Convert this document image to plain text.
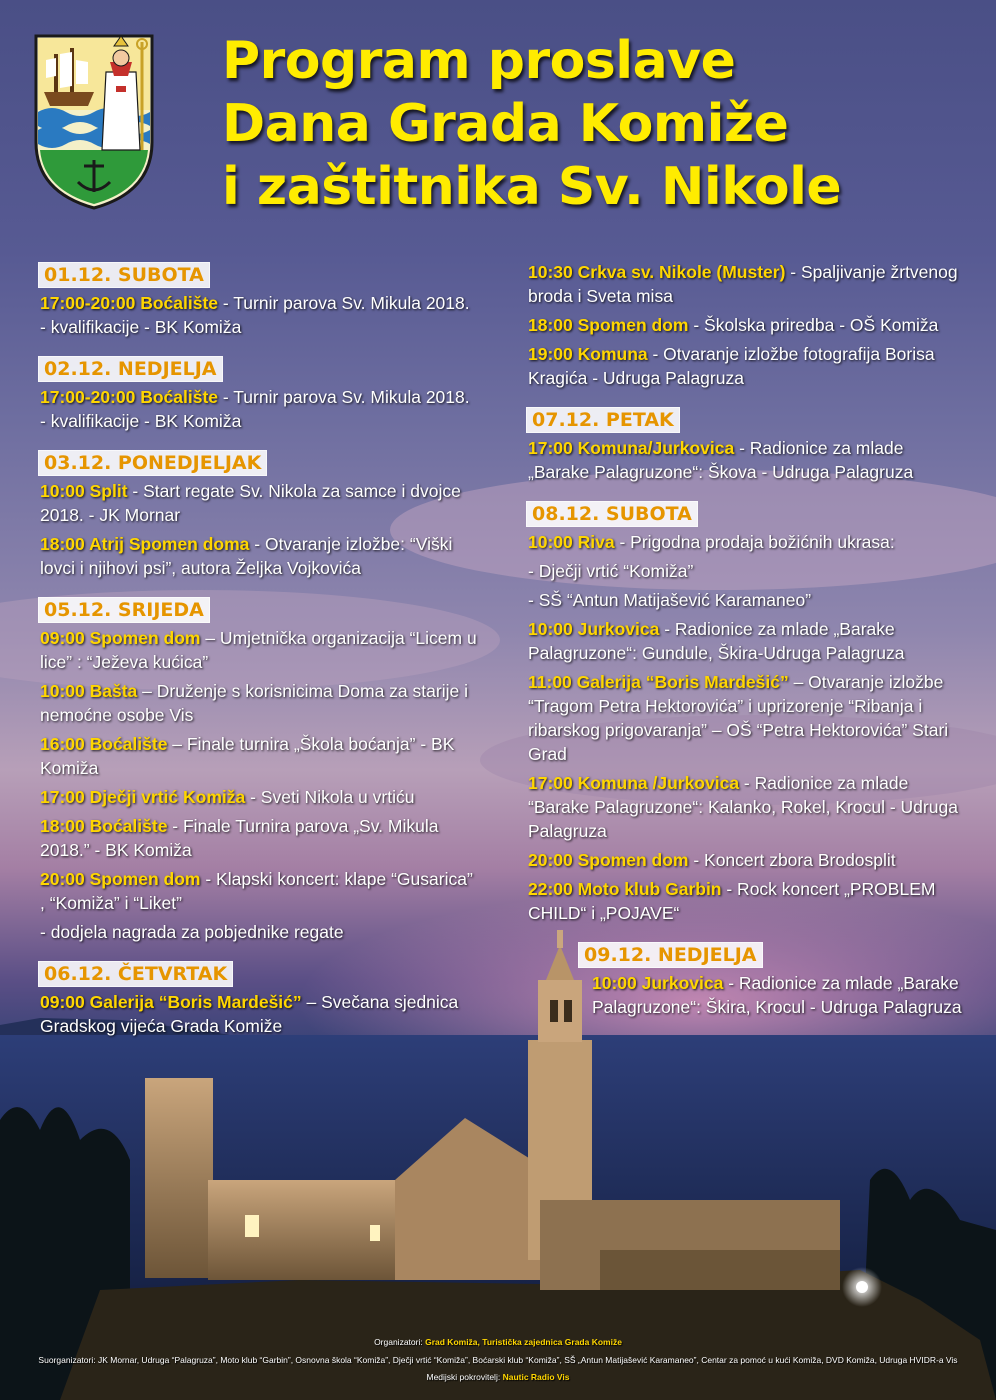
Program proslave
Dana Grada Komiže
i zaštitnika Sv. Nikole
01.12. SUBOTA
17:00-20:00 Boćalište - Turnir parova Sv. Mikula 2018. - kvalifikacije - BK Komiža
02.12. NEDJELJA
17:00-20:00 Boćalište - Turnir parova Sv. Mikula 2018. - kvalifikacije - BK Komiža
03.12. PONEDJELJAK
10:00 Split - Start regate Sv. Nikola za samce i dvojce 2018. - JK Mornar
18:00 Atrij Spomen doma - Otvaranje izložbe: “Viški lovci i njihovi psi”, autora Željka Vojkovića
05.12. SRIJEDA
09:00 Spomen dom – Umjetnička organizacija “Licem u lice” : “Ježeva kućica”
10:00 Bašta – Druženje s korisnicima Doma za starije i nemoćne osobe Vis
16:00 Boćalište – Finale turnira „Škola boćanja” - BK Komiža
17:00 Dječji vrtić Komiža - Sveti Nikola u vrtiću
18:00 Boćalište - Finale Turnira parova „Sv. Mikula 2018.” - BK Komiža
20:00 Spomen dom - Klapski koncert: klape “Gusarica” , “Komiža” i “Liket”
- dodjela nagrada za pobjednike regate
06.12. ČETVRTAK
09:00 Galerija “Boris Mardešić” – Svečana sjednica Gradskog vijeća Grada Komiže
10:30 Crkva sv. Nikole (Muster) - Spaljivanje žrtvenog broda i Sveta misa
18:00 Spomen dom - Školska priredba - OŠ Komiža
19:00 Komuna - Otvaranje izložbe fotografija Borisa Kragića - Udruga Palagruza
07.12. PETAK
17:00 Komuna/Jurkovica - Radionice za mlade „Barake Palagruzone“: Škova - Udruga Palagruza
08.12. SUBOTA
10:00 Riva - Prigodna prodaja božićnih ukrasa:
- Dječji vrtić “Komiža”
- SŠ “Antun Matijašević Karamaneo”
10:00 Jurkovica - Radionice za mlade „Barake Palagruzone“: Gundule, Škira-Udruga Palagruza
11:00 Galerija “Boris Mardešić” – Otvaranje izložbe “Tragom Petra Hektorovića” i uprizorenje “Ribanja i ribarskog prigovaranja” – OŠ “Petra Hektorovića” Stari Grad
17:00 Komuna /Jurkovica - Radionice za mlade “Barake Palagruzone“: Kalanko, Rokel, Krocul - Udruga Palagruza
20:00 Spomen dom - Koncert zbora Brodosplit
22:00 Moto klub Garbin - Rock koncert „PROBLEM CHILD“ i „POJAVE“
09.12. NEDJELJA
10:00 Jurkovica - Radionice za mlade „Barake Palagruzone“: Škira, Krocul - Udruga Palagruza
Organizatori: Grad Komiža, Turistička zajednica Grada Komiže
Suorganizatori: JK Mornar, Udruga “Palagruza”, Moto klub “Garbin”, Osnovna škola “Komiža”, Dječji vrtić “Komiža”, Boćarski klub “Komiža”, SŠ „Antun Matijašević Karamaneo”, Centar za pomoć u kući Komiža, DVD Komiža, Udruga HVIDR-a Vis
Medijski pokrovitelj: Nautic Radio Vis
